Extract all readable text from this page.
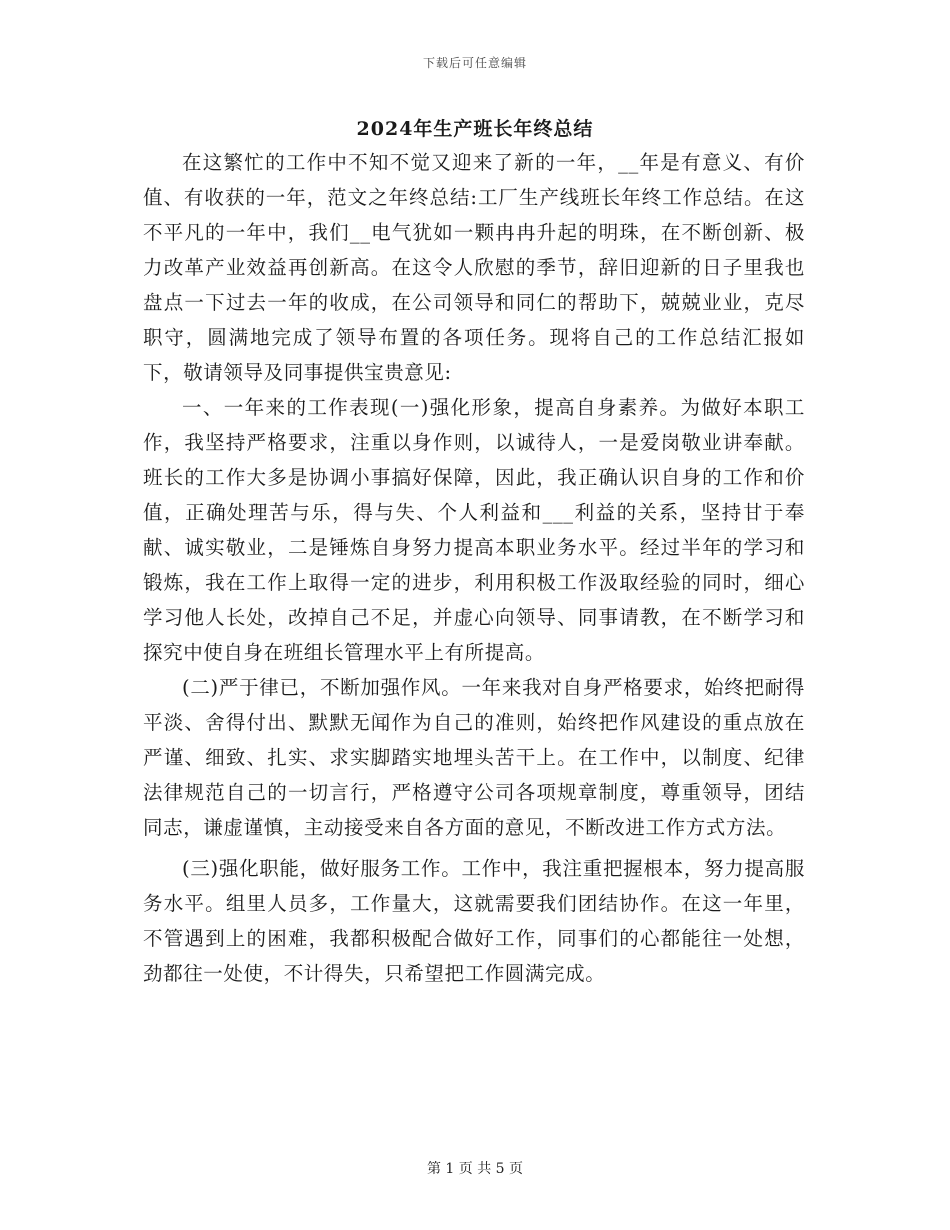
下载后可任意编辑
2024年生产班长年终总结

在这繁忙的工作中不知不觉又迎来了新的一年，__年是有意义、有价值、有收获的一年，范文之年终总结:工厂生产线班长年终工作总结。在这不平凡的一年中，我们__电气犹如一颗冉冉升起的明珠，在不断创新、极力改革产业效益再创新高。在这令人欣慰的季节，辞旧迎新的日子里我也盘点一下过去一年的收成，在公司领导和同仁的帮助下，兢兢业业，克尽职守，圆满地完成了领导布置的各项任务。现将自己的工作总结汇报如下，敬请领导及同事提供宝贵意见:

一、一年来的工作表现(一)强化形象，提高自身素养。为做好本职工作，我坚持严格要求，注重以身作则，以诚待人，一是爱岗敬业讲奉献。班长的工作大多是协调小事搞好保障，因此，我正确认识自身的工作和价值，正确处理苦与乐，得与失、个人利益和___利益的关系，坚持甘于奉献、诚实敬业，二是锤炼自身努力提高本职业务水平。经过半年的学习和锻炼，我在工作上取得一定的进步，利用积极工作汲取经验的同时，细心学习他人长处，改掉自己不足，并虚心向领导、同事请教，在不断学习和探究中使自身在班组长管理水平上有所提高。

(二)严于律已，不断加强作风。一年来我对自身严格要求，始终把耐得平淡、舍得付出、默默无闻作为自己的准则，始终把作风建设的重点放在严谨、细致、扎实、求实脚踏实地埋头苦干上。在工作中，以制度、纪律法律规范自己的一切言行，严格遵守公司各项规章制度，尊重领导，团结同志，谦虚谨慎，主动接受来自各方面的意见，不断改进工作方式方法。

(三)强化职能，做好服务工作。工作中，我注重把握根本，努力提高服务水平。组里人员多，工作量大，这就需要我们团结协作。在这一年里，不管遇到上的困难，我都积极配合做好工作，同事们的心都能往一处想，劲都往一处使，不计得失，只希望把工作圆满完成。

第 1 页 共 5 页
